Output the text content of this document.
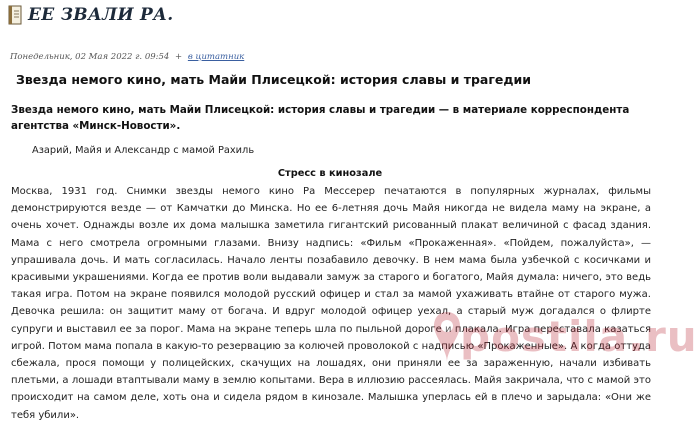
ЕЕ ЗВАЛИ РА.
Понедельник, 02 Мая 2022 г. 09:54 + в цитатник
Звезда немого кино, мать Майи Плисецкой: история славы и трагедии
Звезда немого кино, мать Майи Плисецкой: история славы и трагедии — в материале корреспондента агентства «Минск-Новости».
Азарий, Майя и Александр с мамой Рахиль
Стресс в кинозале
Москва, 1931 год. Снимки звезды немого кино Ра Мессерер печатаются в популярных журналах, фильмы демонстрируются везде — от Камчатки до Минска. Но ее 6-летняя дочь Майя никогда не видела маму на экране, а очень хочет. Однажды возле их дома малышка заметила гигантский рисованный плакат величиной с фасад здания. Мама с него смотрела огромными глазами. Внизу надпись: «Фильм «Прокаженная». «Пойдем, пожалуйста», — упрашивала дочь. И мать согласилась. Начало ленты позабавило девочку. В нем мама была узбечкой с косичками и красивыми украшениями. Когда ее против воли выдавали замуж за старого и богатого, Майя думала: ничего, это ведь такая игра. Потом на экране появился молодой русский офицер и стал за мамой ухаживать втайне от старого мужа. Девочка решила: он защитит маму от богача. И вдруг молодой офицер уехал, а старый муж догадался о флирте супруги и выставил ее за порог. Мама на экране теперь шла по пыльной дороге и плакала. Игра переставала казаться игрой. Потом мама попала в какую-то резервацию за колючей проволокой с надписью «Прокаженные». А когда оттуда сбежала, прося помощи у полицейских, скачущих на лошадях, они приняли ее за зараженную, начали избивать плетьми, а лошади втаптывали маму в землю копытами. Вера в иллюзию рассеялась. Майя закричала, что с мамой это происходит на самом деле, хоть она и сидела рядом в кинозале. Малышка уперлась ей в плечо и зарыдала: «Они же тебя убили».
postila.ru
